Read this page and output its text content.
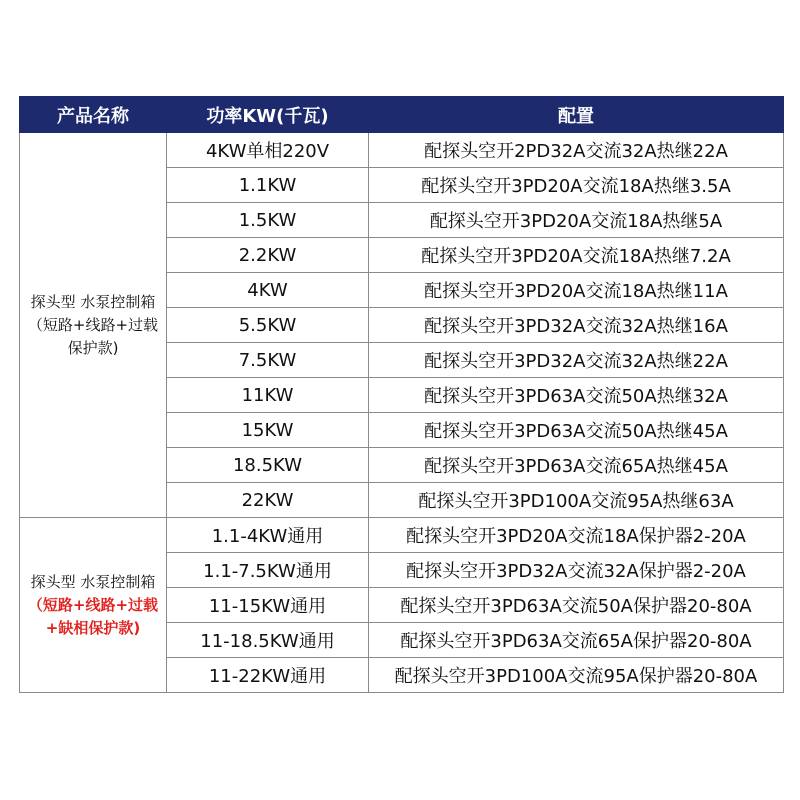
产品名称	功率KW(千瓦)	配置
探头型 水泵控制箱（短路+线路+过载保护款)	4KW单相220V	配探头空开2PD32A交流32A热继22A
	1.1KW	配探头空开3PD20A交流18A热继3.5A
	1.5KW	配探头空开3PD20A交流18A热继5A
	2.2KW	配探头空开3PD20A交流18A热继7.2A
	4KW	配探头空开3PD20A交流18A热继11A
	5.5KW	配探头空开3PD32A交流32A热继16A
	7.5KW	配探头空开3PD32A交流32A热继22A
	11KW	配探头空开3PD63A交流50A热继32A
	15KW	配探头空开3PD63A交流50A热继45A
	18.5KW	配探头空开3PD63A交流65A热继45A
	22KW	配探头空开3PD100A交流95A热继63A
探头型 水泵控制箱（短路+线路+过载+缺相保护款)	1.1-4KW通用	配探头空开3PD20A交流18A保护器2-20A
	1.1-7.5KW通用	配探头空开3PD32A交流32A保护器2-20A
	11-15KW通用	配探头空开3PD63A交流50A保护器20-80A
	11-18.5KW通用	配探头空开3PD63A交流65A保护器20-80A
	11-22KW通用	配探头空开3PD100A交流95A保护器20-80A
